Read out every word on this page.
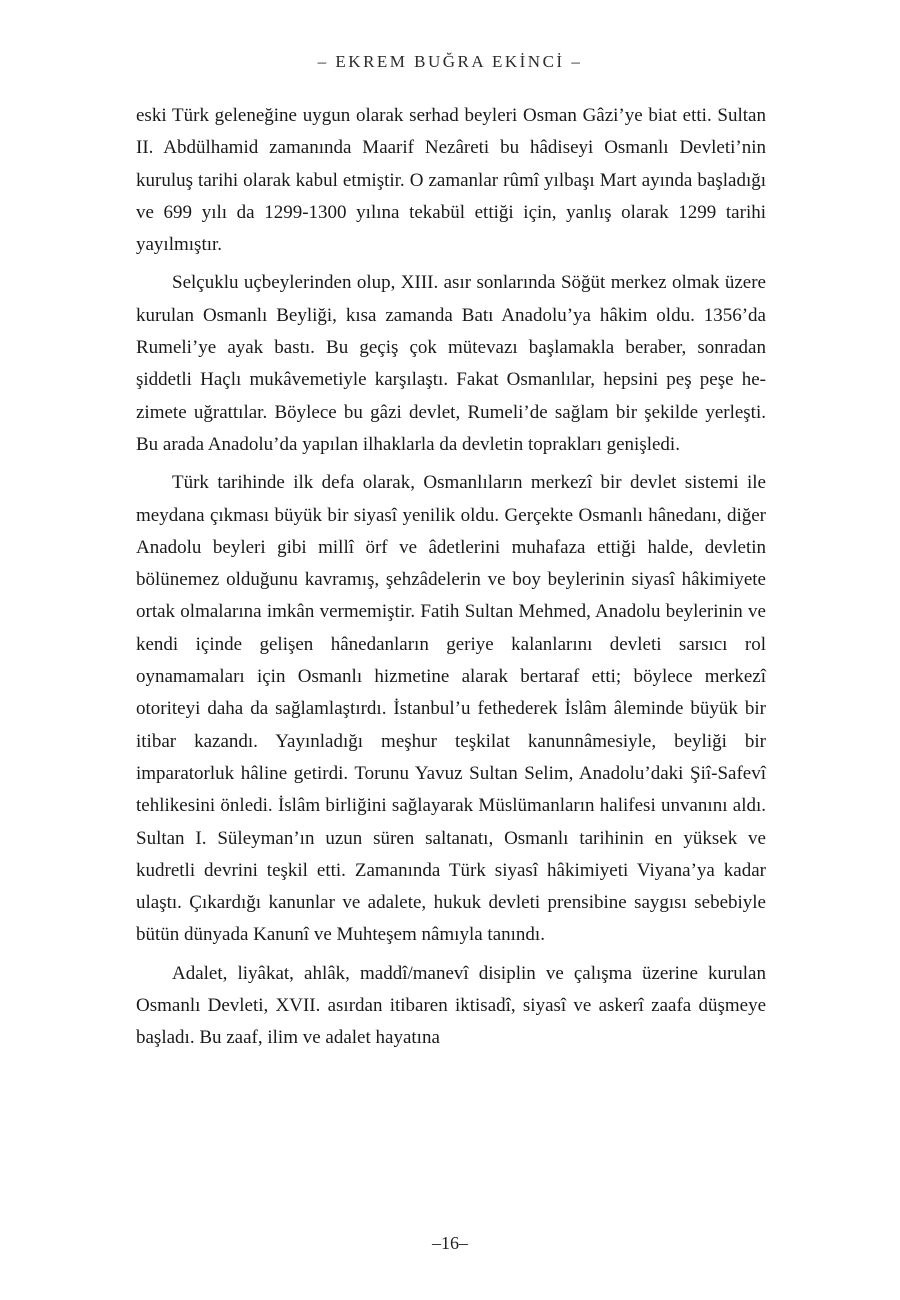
– EKREM BUĞRA EKİNCİ –

eski Türk geleneğine uygun olarak serhad beyleri Osman Gâzi’ye biat etti. Sultan II. Abdülhamid zamanında Maarif Nezâreti bu hâdiseyi Osmanlı Devleti’nin kuruluş tarihi olarak kabul etmiştir. O zamanlar rûmî yılbaşı Mart ayında başladığı ve 699 yılı da 1299-1300 yılına tekabül ettiği için, yanlış olarak 1299 tarihi yayılmıştır.

Selçuklu uçbeylerinden olup, XIII. asır sonlarında Söğüt merkez olmak üzere kurulan Osmanlı Beyliği, kısa zamanda Batı Anadolu’ya hâkim oldu. 1356’da Rumeli’ye ayak bastı. Bu geçiş çok mütevazı başlamakla beraber, sonradan şiddetli Haçlı mukâvemetiyle karşılaştı. Fakat Osmanlılar, hepsini peş peşe hezimete uğrattılar. Böylece bu gâzi devlet, Rumeli’de sağlam bir şekilde yerleşti. Bu arada Anadolu’da yapılan ilhaklarla da devletin toprakları genişledi.

Türk tarihinde ilk defa olarak, Osmanlıların merkezî bir devlet sistemi ile meydana çıkması büyük bir siyasî yenilik oldu. Gerçekte Osmanlı hânedanı, diğer Anadolu beyleri gibi millî örf ve âdetlerini muhafaza ettiği halde, devletin bölünemez olduğunu kavramış, şehzâdelerin ve boy beylerinin siyasî hâkimiyete ortak olmalarına imkân vermemiştir. Fatih Sultan Mehmed, Anadolu beylerinin ve kendi içinde gelişen hânedanların geriye kalanlarını devleti sarsıcı rol oynamamaları için Osmanlı hizmetine alarak bertaraf etti; böylece merkezî otoriteyi daha da sağlamlaştırdı. İstanbul’u fethederek İslâm âleminde büyük bir itibar kazandı. Yayınladığı meşhur teşkilat kanunnâmesiyle, beyliği bir imparatorluk hâline getirdi. Torunu Yavuz Sultan Selim, Anadolu’daki Şiî-Safevî tehlikesini önledi. İslâm birliğini sağlayarak Müslümanların halifesi unvanını aldı. Sultan I. Süleyman’ın uzun süren saltanatı, Osmanlı tarihinin en yüksek ve kudretli devrini teşkil etti. Zamanında Türk siyasî hâkimiyeti Viyana’ya kadar ulaştı. Çıkardığı kanunlar ve adalete, hukuk devleti prensibine saygısı sebebiyle bütün dünyada Kanunî ve Muhteşem nâmıyla tanındı.

Adalet, liyâkat, ahlâk, maddî/manevî disiplin ve çalışma üzerine kurulan Osmanlı Devleti, XVII. asırdan itibaren iktisadî, siyasî ve askerî zaafa düşmeye başladı. Bu zaaf, ilim ve adalet hayatına

–16–
